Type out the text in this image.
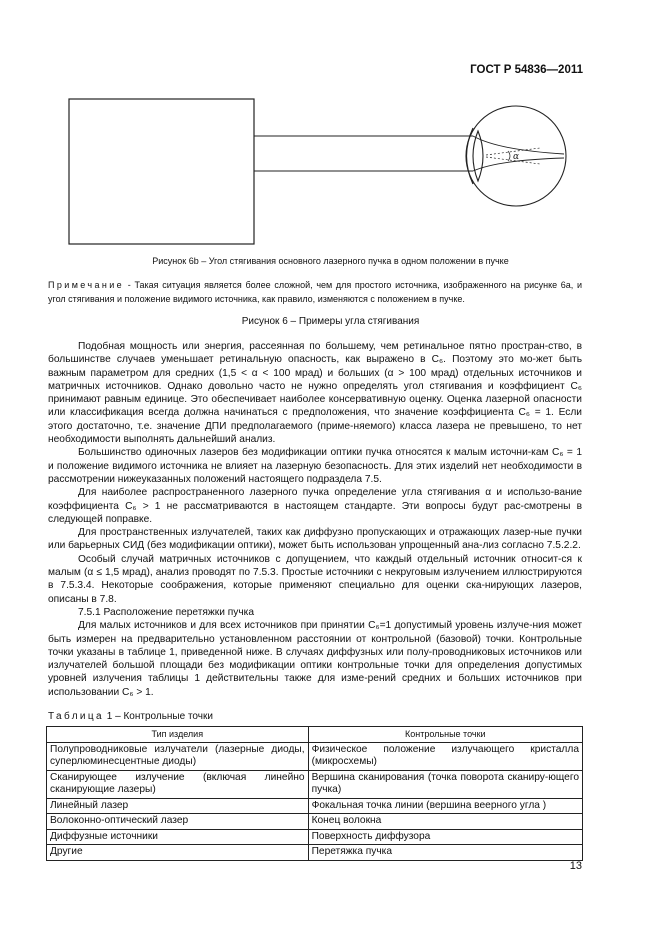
ГОСТ Р 54836—2011
α
Рисунок 6b – Угол стягивания основного лазерного пучка в одном положении в пучке
Примечание - Такая ситуация является более сложной, чем для простого источника, изображенного на рисунке 6а, и угол стягивания и положение видимого источника, как правило, изменяются с положением в пучке.
Рисунок 6 – Примеры угла стягивания

Подобная мощность или энергия, рассеянная по большему, чем ретинальное пятно простран-ство, в большинстве случаев уменьшает ретинальную опасность, как выражено в C₆. Поэтому это мо-жет быть важным параметром для средних (1,5 < α < 100 мрад) и больших (α > 100 мрад) отдельных источников и матричных источников. Однако довольно часто не нужно определять угол стягивания и коэффициент C₆ принимают равным единице. Это обеспечивает наиболее консервативную оценку. Оценка лазерной опасности или классификация всегда должна начинаться с предположения, что значение коэффициента C₆ = 1. Если этого достаточно, т.е. значение ДПИ предполагаемого (приме-няемого) класса лазера не превышено, то нет необходимости выполнять дальнейший анализ.

Большинство одиночных лазеров без модификации оптики пучка относятся к малым источни-кам C₆ = 1 и положение видимого источника не влияет на лазерную безопасность. Для этих изделий нет необходимости в рассмотрении нижеуказанных положений настоящего подраздела 7.5.

Для наиболее распространенного лазерного пучка определение угла стягивания α и использо-вание коэффициента C₆ > 1 не рассматриваются в настоящем стандарте. Эти вопросы будут рас-смотрены в следующей поправке.

Для пространственных излучателей, таких как диффузно пропускающих и отражающих лазер-ные пучки или барьерных СИД (без модификации оптики), может быть использован упрощенный ана-лиз согласно 7.5.2.2.

Особый случай матричных источников с допущением, что каждый отдельный источник относит-ся к малым (α ≤ 1,5 мрад), анализ проводят по 7.5.3. Простые источники с некруговым излучением иллюстрируются в 7.5.3.4. Некоторые соображения, которые применяют специально для оценки ска-нирующих лазеров, описаны в 7.8.

7.5.1 Расположение перетяжки пучка

Для малых источников и для всех источников при принятии C₆=1 допустимый уровень излуче-ния может быть измерен на предварительно установленном расстоянии от контрольной (базовой) точки. Контрольные точки указаны в таблице 1, приведенной ниже. В случаях диффузных или полу-проводниковых источников или излучателей большой площади без модификации оптики контрольные точки для определения допустимых уровней излучения таблицы 1 действительны также для изме-рений средних и больших источников при использовании C₆ > 1.

Таблица 1 – Контрольные точки
Тип изделия	Контрольные точки
Полупроводниковые излучатели (лазерные диоды, суперлюминесцентные диоды)	Физическое положение излучающего кристалла (микросхемы)
Сканирующее излучение (включая линейно сканирующие лазеры)	Вершина сканирования (точка поворота сканиру-ющего пучка)
Линейный лазер	Фокальная точка линии (вершина веерного угла )
Волоконно-оптический лазер	Конец волокна
Диффузные источники	Поверхность диффузора
Другие	Перетяжка пучка
13
